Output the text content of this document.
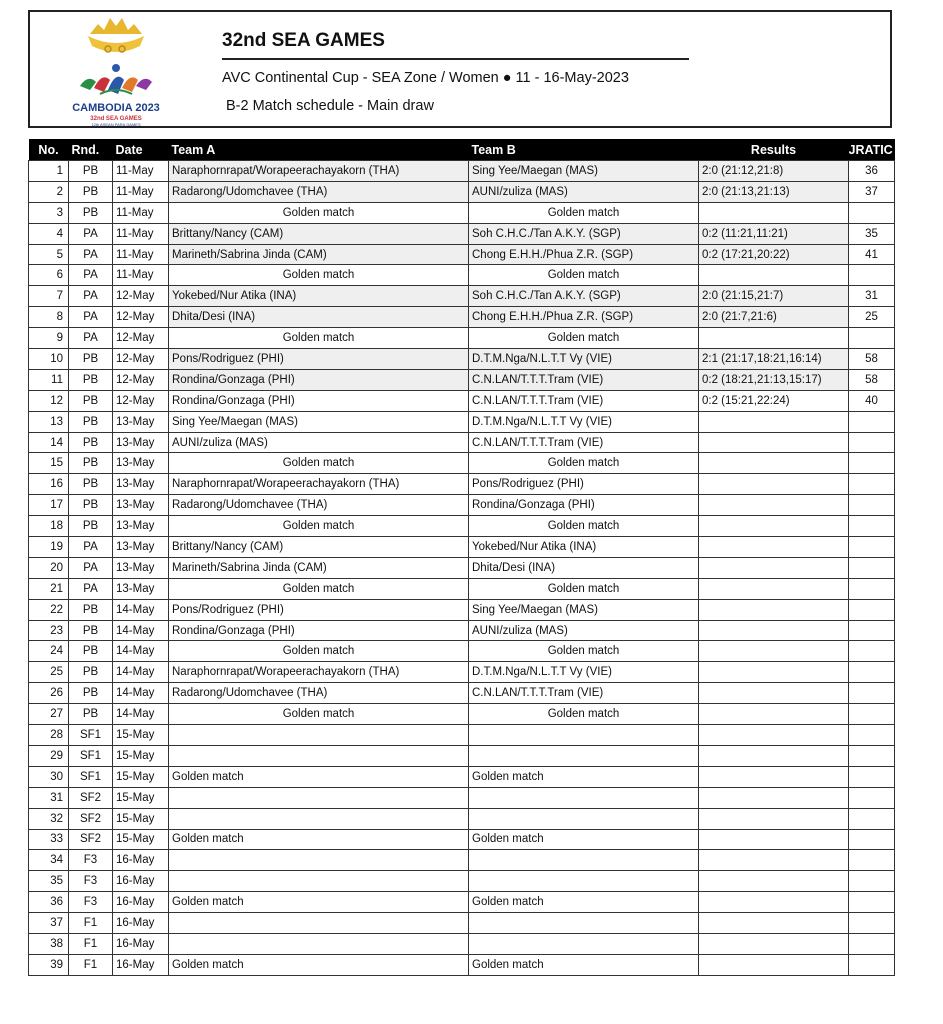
CAMBODIA 2023
32nd SEA GAMES
12th ASEAN PARA GAMES
32nd SEA GAMES
AVC Continental Cup - SEA Zone / Women ● 11 - 16-May-2023
B-2 Match schedule - Main draw
No.	Rnd.	Date	Team A	Team B	Results	JRATIC
1	PB	11-May	Naraphornrapat/Worapeerachayakorn (THA)	Sing Yee/Maegan (MAS)	2:0 (21:12,21:8)	36
2	PB	11-May	Radarong/Udomchavee (THA)	AUNI/zuliza (MAS)	2:0 (21:13,21:13)	37
3	PB	11-May	Golden match	Golden match		
4	PA	11-May	Brittany/Nancy (CAM)	Soh C.H.C./Tan A.K.Y. (SGP)	0:2 (11:21,11:21)	35
5	PA	11-May	Marineth/Sabrina Jinda (CAM)	Chong E.H.H./Phua Z.R. (SGP)	0:2 (17:21,20:22)	41
6	PA	11-May	Golden match	Golden match		
7	PA	12-May	Yokebed/Nur Atika (INA)	Soh C.H.C./Tan A.K.Y. (SGP)	2:0 (21:15,21:7)	31
8	PA	12-May	Dhita/Desi (INA)	Chong E.H.H./Phua Z.R. (SGP)	2:0 (21:7,21:6)	25
9	PA	12-May	Golden match	Golden match		
10	PB	12-May	Pons/Rodriguez (PHI)	D.T.M.Nga/N.L.T.T Vy (VIE)	2:1 (21:17,18:21,16:14)	58
11	PB	12-May	Rondina/Gonzaga (PHI)	C.N.LAN/T.T.T.Tram (VIE)	0:2 (18:21,21:13,15:17)	58
12	PB	12-May	Rondina/Gonzaga (PHI)	C.N.LAN/T.T.T.Tram (VIE)	0:2 (15:21,22:24)	40
13	PB	13-May	Sing Yee/Maegan (MAS)	D.T.M.Nga/N.L.T.T Vy (VIE)		
14	PB	13-May	AUNI/zuliza (MAS)	C.N.LAN/T.T.T.Tram (VIE)		
15	PB	13-May	Golden match	Golden match		
16	PB	13-May	Naraphornrapat/Worapeerachayakorn (THA)	Pons/Rodriguez (PHI)		
17	PB	13-May	Radarong/Udomchavee (THA)	Rondina/Gonzaga (PHI)		
18	PB	13-May	Golden match	Golden match		
19	PA	13-May	Brittany/Nancy (CAM)	Yokebed/Nur Atika (INA)		
20	PA	13-May	Marineth/Sabrina Jinda (CAM)	Dhita/Desi (INA)		
21	PA	13-May	Golden match	Golden match		
22	PB	14-May	Pons/Rodriguez (PHI)	Sing Yee/Maegan (MAS)		
23	PB	14-May	Rondina/Gonzaga (PHI)	AUNI/zuliza (MAS)		
24	PB	14-May	Golden match	Golden match		
25	PB	14-May	Naraphornrapat/Worapeerachayakorn (THA)	D.T.M.Nga/N.L.T.T Vy (VIE)		
26	PB	14-May	Radarong/Udomchavee (THA)	C.N.LAN/T.T.T.Tram (VIE)		
27	PB	14-May	Golden match	Golden match		
28	SF1	15-May				
29	SF1	15-May				
30	SF1	15-May	Golden match	Golden match		
31	SF2	15-May				
32	SF2	15-May				
33	SF2	15-May	Golden match	Golden match		
34	F3	16-May				
35	F3	16-May				
36	F3	16-May	Golden match	Golden match		
37	F1	16-May				
38	F1	16-May				
39	F1	16-May	Golden match	Golden match		
